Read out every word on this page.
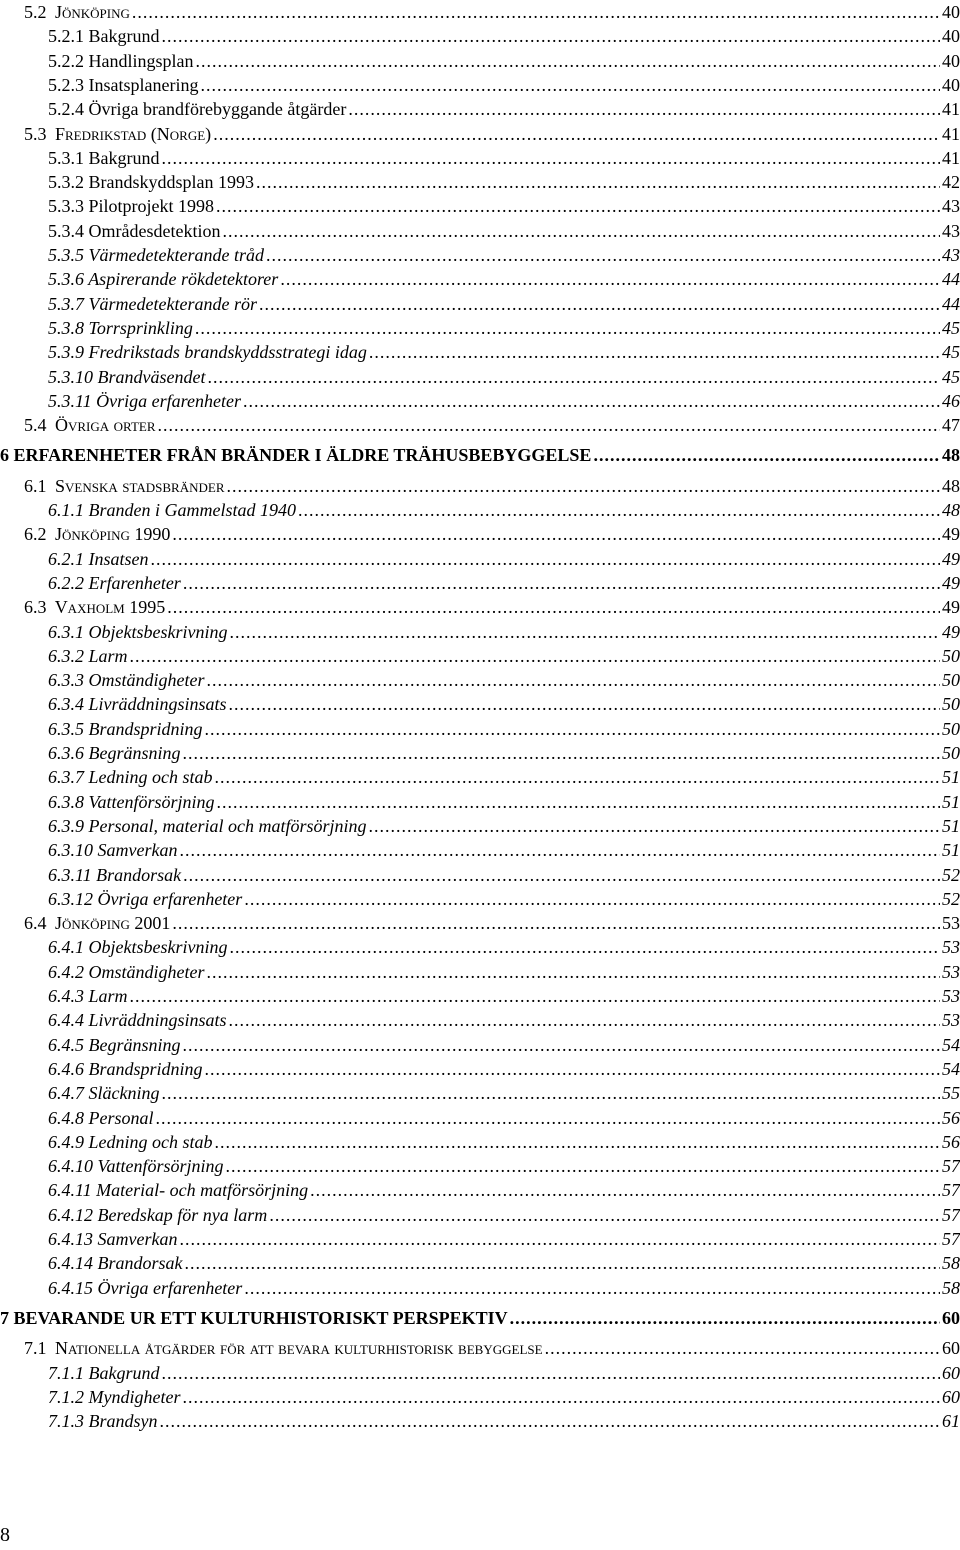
5.2 Jönköping .....	40
5.2.1 Bakgrund .....	40
5.2.2 Handlingsplan .....	40
5.2.3 Insatsplanering .....	40
5.2.4 Övriga brandförebyggande åtgärder .....	41
5.3 Fredrikstad (Norge) .....	41
5.3.1 Bakgrund .....	41
5.3.2 Brandskyddsplan 1993 .....	42
5.3.3 Pilotprojekt 1998 .....	43
5.3.4 Områdesdetektion .....	43
5.3.5 Värmedetekterande tråd .....	43
5.3.6 Aspirerande rökdetektorer .....	44
5.3.7 Värmedetekterande rör .....	44
5.3.8 Torrsprinkling .....	45
5.3.9 Fredrikstads brandskyddsstrategi idag .....	45
5.3.10 Brandväsendet .....	45
5.3.11 Övriga erfarenheter .....	46
5.4 Övriga orter .....	47
6 ERFARENHETER FRÅN BRÄNDER I ÄLDRE TRÄHUSBEBYGGELSE .....	48
6.1 Svenska stadsbränder .....	48
6.1.1 Branden i Gammelstad 1940 .....	48
6.2 Jönköping 1990 .....	49
6.2.1 Insatsen .....	49
6.2.2 Erfarenheter .....	49
6.3 Vaxholm 1995 .....	49
6.3.1 Objektsbeskrivning .....	49
6.3.2 Larm .....	50
6.3.3 Omständigheter .....	50
6.3.4 Livräddningsinsats .....	50
6.3.5 Brandspridning .....	50
6.3.6 Begränsning .....	50
6.3.7 Ledning och stab .....	51
6.3.8 Vattenförsörjning .....	51
6.3.9 Personal, material och matförsörjning .....	51
6.3.10 Samverkan .....	51
6.3.11 Brandorsak .....	52
6.3.12 Övriga erfarenheter .....	52
6.4 Jönköping 2001 .....	53
6.4.1 Objektsbeskrivning .....	53
6.4.2 Omständigheter .....	53
6.4.3 Larm .....	53
6.4.4 Livräddningsinsats .....	53
6.4.5 Begränsning .....	54
6.4.6 Brandspridning .....	54
6.4.7 Släckning .....	55
6.4.8 Personal .....	56
6.4.9 Ledning och stab .....	56
6.4.10 Vattenförsörjning .....	57
6.4.11 Material- och matförsörjning .....	57
6.4.12 Beredskap för nya larm .....	57
6.4.13 Samverkan .....	57
6.4.14 Brandorsak .....	58
6.4.15 Övriga erfarenheter .....	58
7 BEVARANDE UR ETT KULTURHISTORISKT PERSPEKTIV .....	60
7.1 Nationella åtgärder för att bevara kulturhistorisk bebyggelse .....	60
7.1.1 Bakgrund .....	60
7.1.2 Myndigheter .....	60
7.1.3 Brandsyn .....	61
8
